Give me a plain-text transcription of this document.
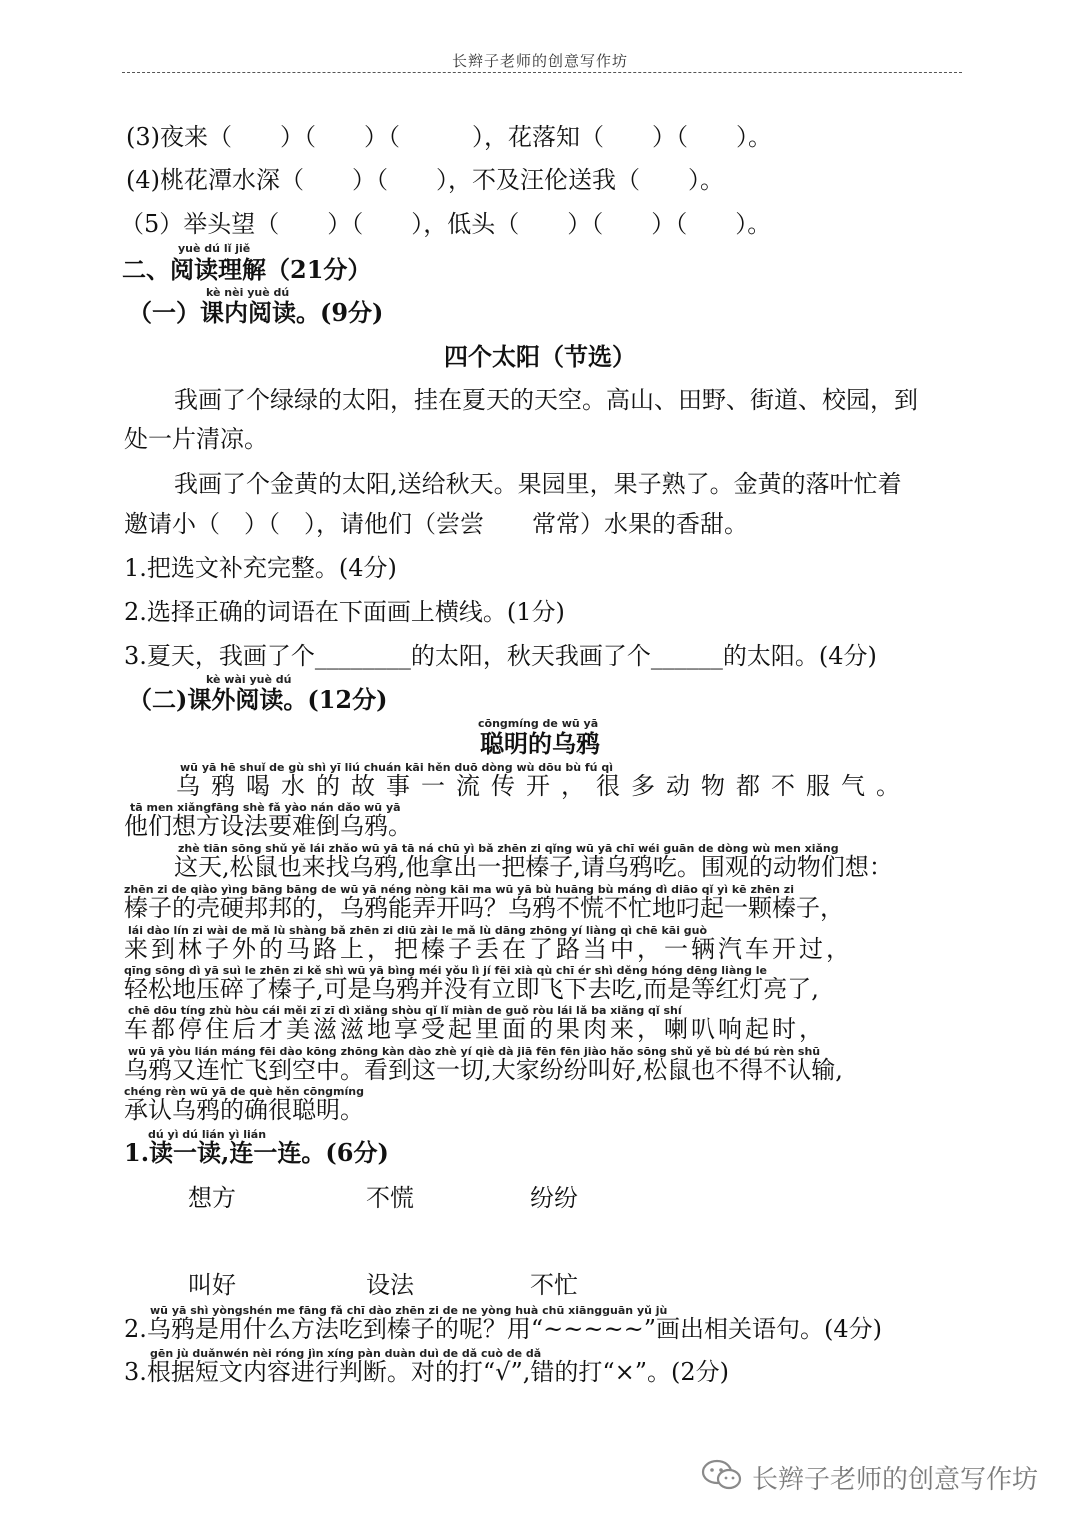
长辫子老师的创意写作坊
(3)夜来（　　）（　　）（　　　），花落知（　　）（　　）。
(4)桃花潭水深（　　）（　　），不及汪伦送我（　　）。
（5）举头望（　　）（　　），低头（　　）（　　）（　　）。
yuè dú lǐ jiě
二、阅读理解（21分）
kè nèi yuè dú
（一）课内阅读。(9分)
四个太阳（节选）
我画了个绿绿的太阳，挂在夏天的天空。高山、田野、街道、校园，到
处一片清凉。
我画了个金黄的太阳,送给秋天。果园里，果子熟了。金黄的落叶忙着
邀请小（　）（　），请他们（尝尝　　常常）水果的香甜。
1.把选文补充完整。(4分)
2.选择正确的词语在下面画上横线。(1分)
3.夏天，我画了个________的太阳，秋天我画了个______的太阳。(4分)
kè wài yuè dú
（二)课外阅读。(12分)
cōngmíng de wū yā
聪明的乌鸦
wū yā hē shuǐ de gù shì yī liú chuán kāi hěn duō dòng wù dōu bù fú qì
乌鸦喝水的故事一流传开，很多动物都不服气。
tā men xiǎngfāng shè fǎ yào nán dǎo wū yā
他们想方设法要难倒乌鸦。
zhè tiān sōng shǔ yě lái zhǎo wū yā tā ná chū yì bǎ zhēn zi qǐng wū yā chī wéi guān de dòng wù men xiǎng
这天,松鼠也来找乌鸦,他拿出一把榛子,请乌鸦吃。围观的动物们想：
zhēn zi de qiào yìng bāng bāng de wū yā néng nòng kāi ma wū yā bù huāng bù máng dì diāo qǐ yì kē zhēn zi
榛子的壳硬邦邦的，乌鸦能弄开吗？乌鸦不慌不忙地叼起一颗榛子，
lái dào lín zi wài de mǎ lù shàng bǎ zhēn zi diū zài le mǎ lù dāng zhōng yí liàng qì chē kāi guò
来到林子外的马路上，把榛子丢在了路当中，一辆汽车开过，
qīng sōng dì yā suì le zhēn zi kě shì wū yā bìng méi yǒu lì jí fēi xià qù chī ér shì děng hóng dēng liàng le
轻松地压碎了榛子,可是乌鸦并没有立即飞下去吃,而是等红灯亮了,
chē dōu tíng zhù hòu cái měi zī zī dì xiǎng shòu qǐ lǐ miàn de guǒ ròu lái lǎ ba xiǎng qǐ shí
车都停住后才美滋滋地享受起里面的果肉来，喇叭响起时，
wū yā yòu lián máng fēi dào kōng zhōng kàn dào zhè yí qiè dà jiā fēn fēn jiào hǎo sōng shǔ yě bù dé bú rèn shū
乌鸦又连忙飞到空中。看到这一切,大家纷纷叫好,松鼠也不得不认输,
chéng rèn wū yā de què hěn cōngmíng
承认乌鸦的确很聪明。
dú yì dú lián yì lián
1.读一读,连一连。(6分)
想方	不慌	纷纷
叫好	设法	不忙
wū yā shì yòngshén me fāng fǎ chī dào zhēn zi de ne yòng huà chū xiāngguān yǔ jù
2.乌鸦是用什么方法吃到榛子的呢？用“~~~~~”画出相关语句。(4分)
gēn jù duǎnwén nèi róng jìn xíng pàn duàn duì de dǎ cuò de dǎ
3.根据短文内容进行判断。对的打“√”,错的打“×”。(2分)
长辫子老师的创意写作坊
